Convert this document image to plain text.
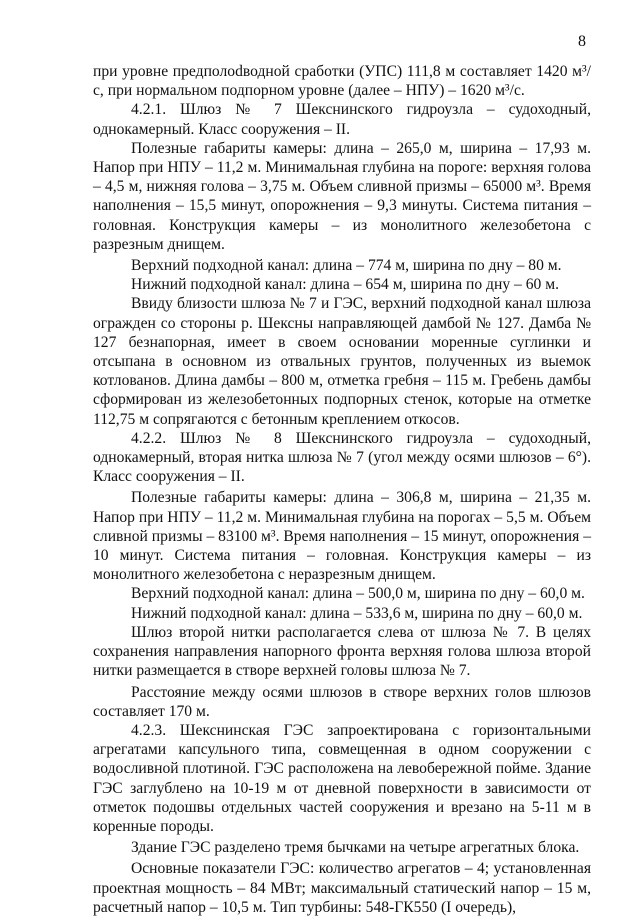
8

при уровне предполоdводной сработки (УПС) 111,8 м составляет 1420 м³/с, при нормальном подпорном уровне (далее – НПУ) – 1620 м³/с.

4.2.1. Шлюз № 7 Шекснинского гидроузла – судоходный, однокамерный. Класс сооружения – II.

Полезные габариты камеры: длина – 265,0 м, ширина – 17,93 м. Напор при НПУ – 11,2 м. Минимальная глубина на пороге: верхняя голова – 4,5 м, нижняя голова – 3,75 м. Объем сливной призмы – 65000 м³. Время наполнения – 15,5 минут, опорожнения – 9,3 минуты. Система питания – головная. Конструкция камеры – из монолитного железобетона с разрезным днищем.

Верхний подходной канал: длина – 774 м, ширина по дну – 80 м.

Нижний подходной канал: длина – 654 м, ширина по дну – 60 м.

Ввиду близости шлюза № 7 и ГЭС, верхний подходной канал шлюза огражден со стороны р. Шексны направляющей дамбой № 127. Дамба № 127 безнапорная, имеет в своем основании моренные суглинки и отсыпана в основном из отвальных грунтов, полученных из выемок котлованов. Длина дамбы – 800 м, отметка гребня – 115 м. Гребень дамбы сформирован из железобетонных подпорных стенок, которые на отметке 112,75 м сопрягаются с бетонным креплением откосов.

4.2.2. Шлюз № 8 Шекснинского гидроузла – судоходный, однокамерный, вторая нитка шлюза № 7 (угол между осями шлюзов – 6°). Класс сооружения – II.

Полезные габариты камеры: длина – 306,8 м, ширина – 21,35 м. Напор при НПУ – 11,2 м. Минимальная глубина на порогах – 5,5 м. Объем сливной призмы – 83100 м³. Время наполнения – 15 минут, опорожнения – 10 минут. Система питания – головная. Конструкция камеры – из монолитного железобетона с неразрезным днищем.

Верхний подходной канал: длина – 500,0 м, ширина по дну – 60,0 м.

Нижний подходной канал: длина – 533,6 м, ширина по дну – 60,0 м.

Шлюз второй нитки располагается слева от шлюза № 7. В целях сохранения направления напорного фронта верхняя голова шлюза второй нитки размещается в створе верхней головы шлюза № 7.

Расстояние между осями шлюзов в створе верхних голов шлюзов составляет 170 м.

4.2.3. Шекснинская ГЭС запроектирована с горизонтальными агрегатами капсульного типа, совмещенная в одном сооружении с водосливной плотиной. ГЭС расположена на левобережной пойме. Здание ГЭС заглублено на 10-19 м от дневной поверхности в зависимости от отметок подошвы отдельных частей сооружения и врезано на 5-11 м в коренные породы.

Здание ГЭС разделено тремя бычками на четыре агрегатных блока.

Основные показатели ГЭС: количество агрегатов – 4; установленная проектная мощность – 84 МВт; максимальный статический напор – 15 м, расчетный напор – 10,5 м. Тип турбины: 548-ГК550 (I очередь),
